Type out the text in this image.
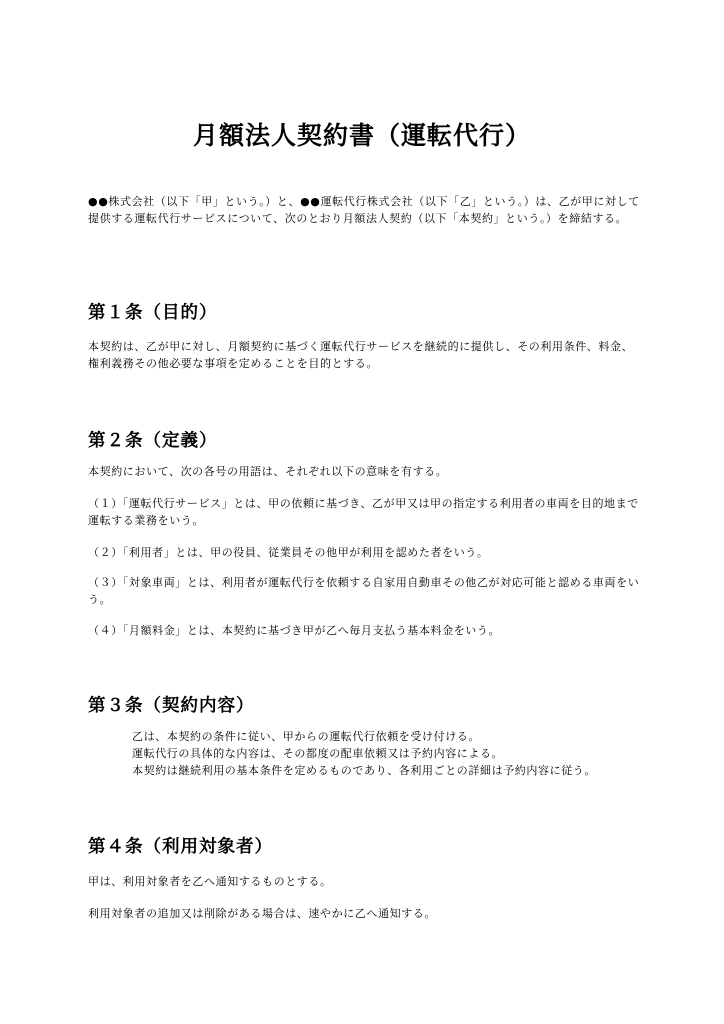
月額法人契約書（運転代行）

●●株式会社（以下「甲」という。）と、●●運転代行株式会社（以下「乙」という。）は、乙が甲に対して提供する運転代行サービスについて、次のとおり月額法人契約（以下「本契約」という。）を締結する。

第１条（目的）

本契約は、乙が甲に対し、月額契約に基づく運転代行サービスを継続的に提供し、その利用条件、料金、権利義務その他必要な事項を定めることを目的とする。

第２条（定義）

本契約において、次の各号の用語は、それぞれ以下の意味を有する。

（１）「運転代行サービス」とは、甲の依頼に基づき、乙が甲又は甲の指定する利用者の車両を目的地まで運転する業務をいう。

（２）「利用者」とは、甲の役員、従業員その他甲が利用を認めた者をいう。

（３）「対象車両」とは、利用者が運転代行を依頼する自家用自動車その他乙が対応可能と認める車両をいう。

（４）「月額料金」とは、本契約に基づき甲が乙へ毎月支払う基本料金をいう。

第３条（契約内容）

乙は、本契約の条件に従い、甲からの運転代行依頼を受け付ける。

運転代行の具体的な内容は、その都度の配車依頼又は予約内容による。

本契約は継続利用の基本条件を定めるものであり、各利用ごとの詳細は予約内容に従う。

第４条（利用対象者）

甲は、利用対象者を乙へ通知するものとする。

利用対象者の追加又は削除がある場合は、速やかに乙へ通知する。
